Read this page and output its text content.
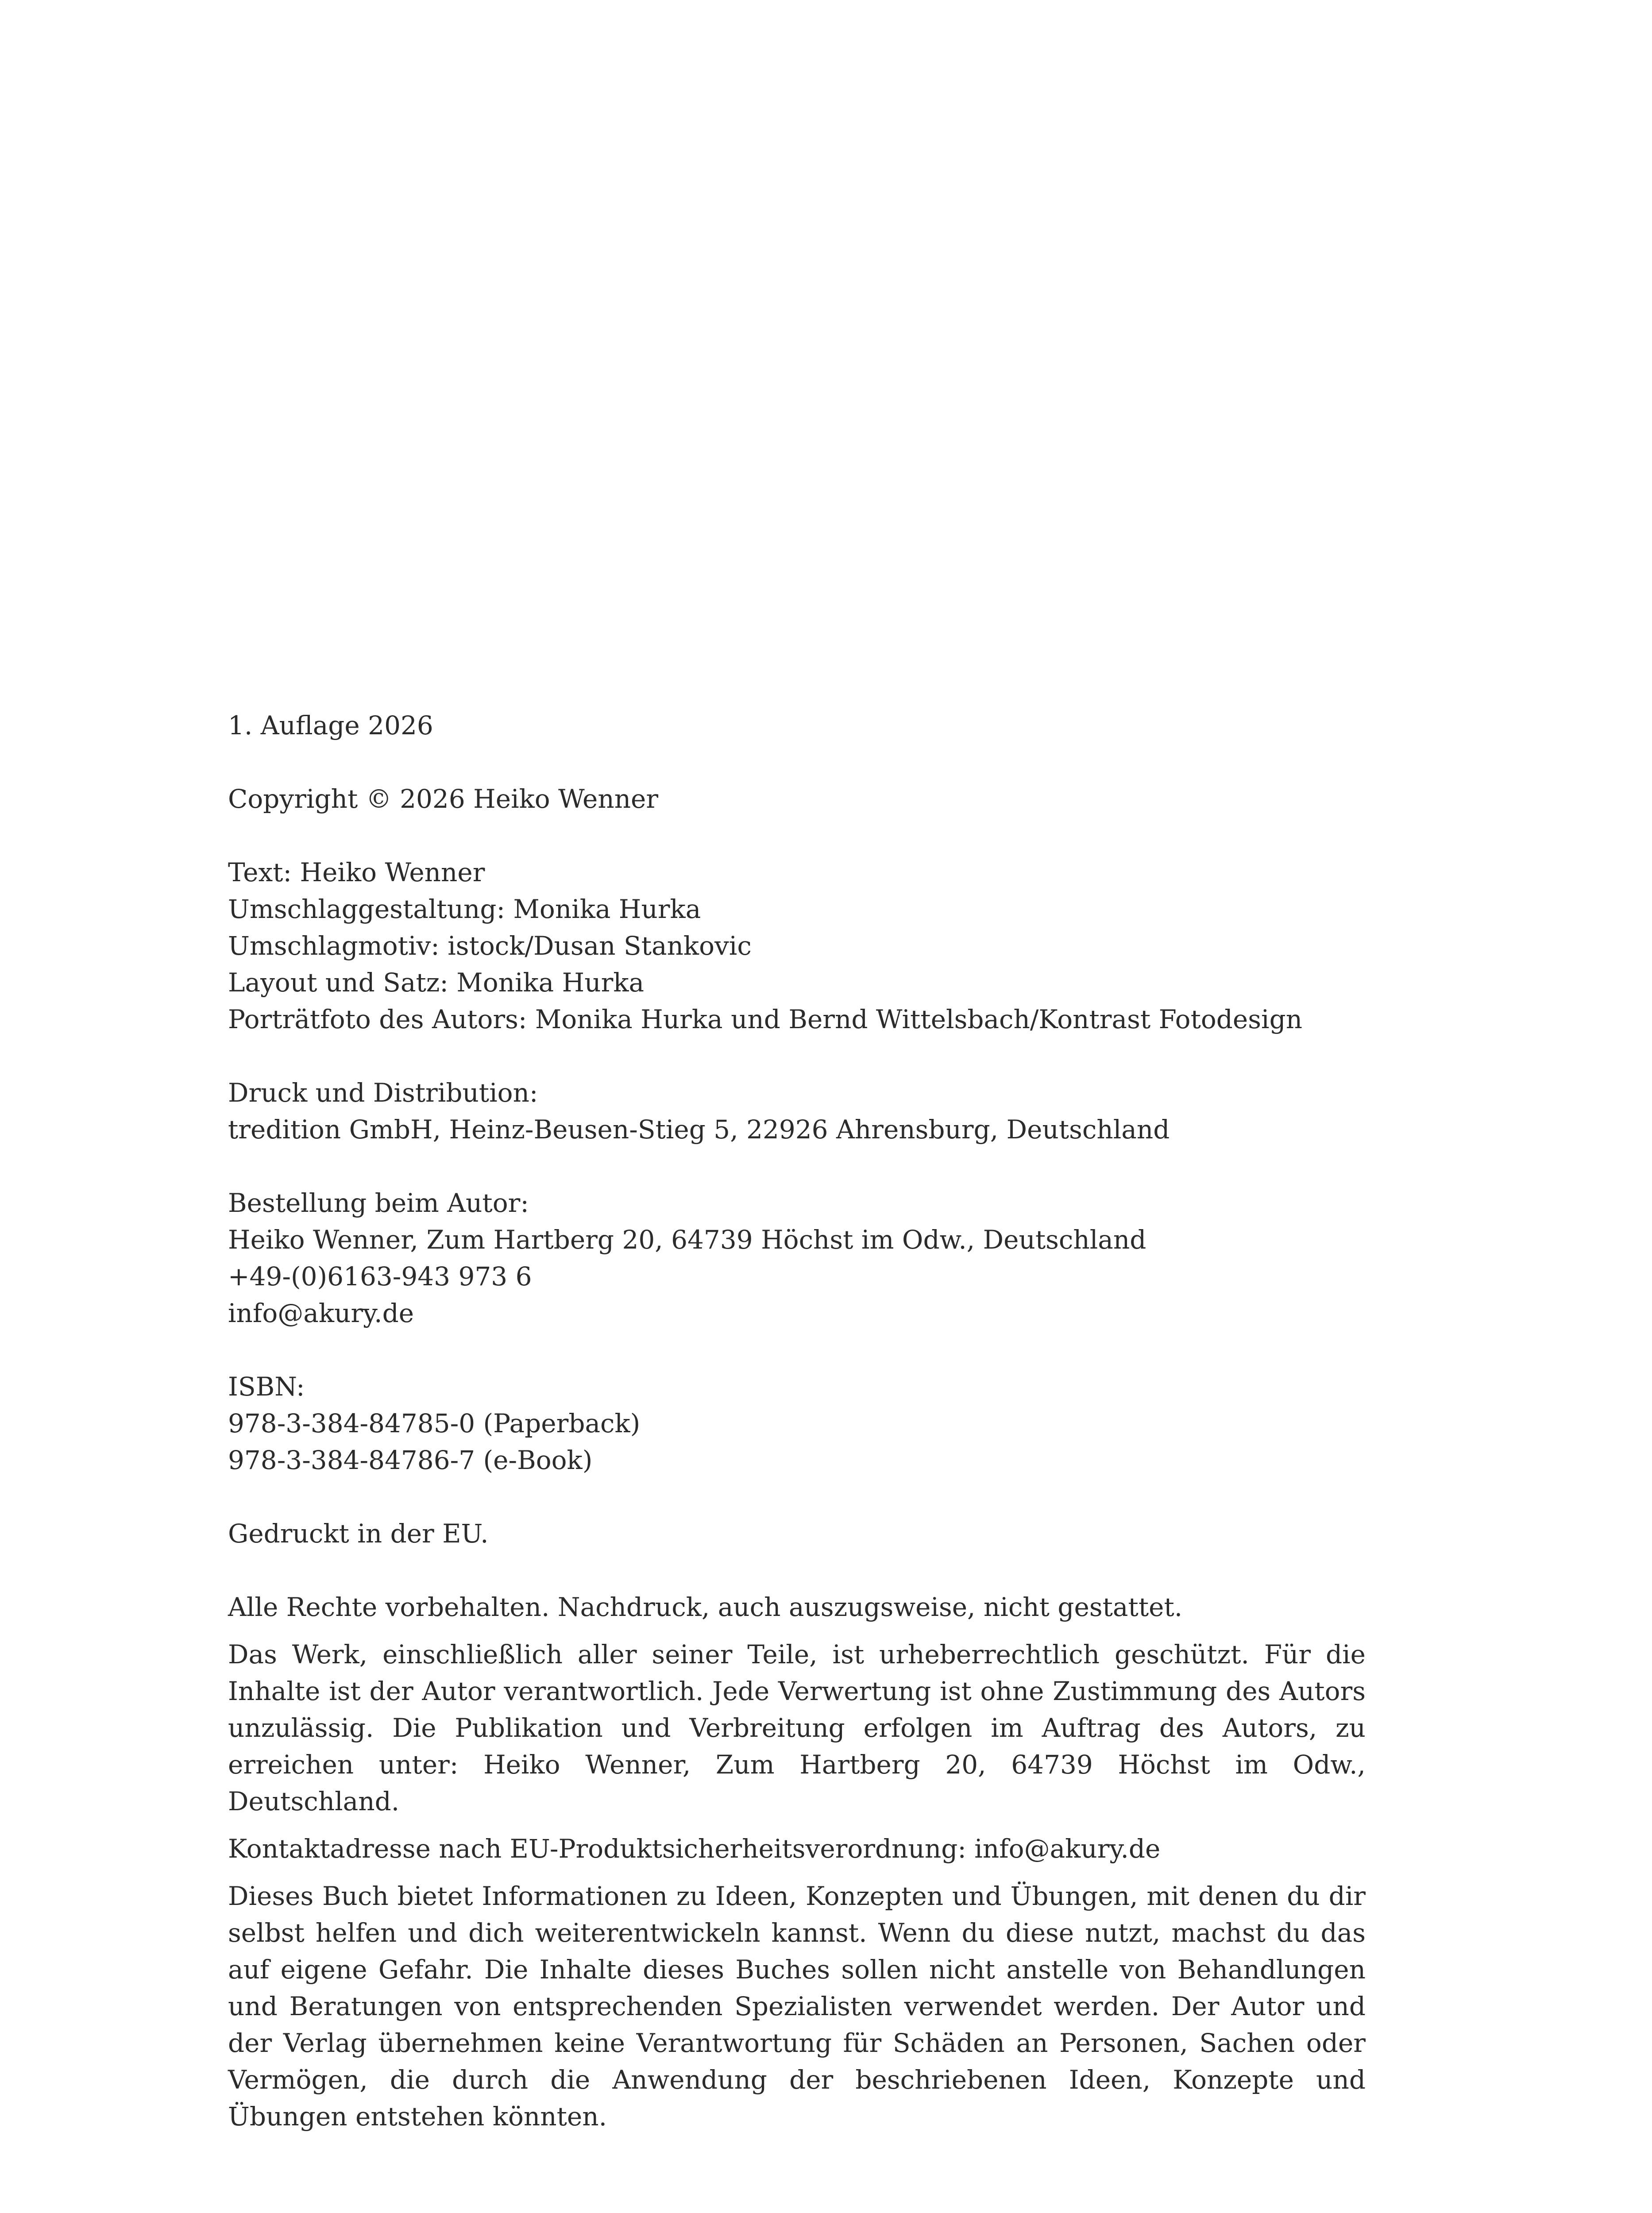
1. Auflage 2026
Copyright © 2026 Heiko Wenner
Text: Heiko Wenner
Umschlaggestaltung: Monika Hurka
Umschlagmotiv: istock/Dusan Stankovic
Layout und Satz: Monika Hurka
Porträtfoto des Autors: Monika Hurka und Bernd Wittelsbach/Kontrast Fotodesign
Druck und Distribution:
tredition GmbH, Heinz-Beusen-Stieg 5, 22926 Ahrensburg, Deutschland
Bestellung beim Autor:
Heiko Wenner, Zum Hartberg 20, 64739 Höchst im Odw., Deutschland
+49-(0)6163-943 973 6
info@akury.de
ISBN:
978-3-384-84785-0 (Paperback)
978-3-384-84786-7 (e-Book)
Gedruckt in der EU.

Alle Rechte vorbehalten. Nachdruck, auch auszugsweise, nicht gestattet.

Das Werk, einschließlich aller seiner Teile, ist urheberrechtlich geschützt. Für die Inhalte ist der Autor verantwortlich. Jede Verwertung ist ohne Zustimmung des Autors unzulässig. Die Publikation und Verbreitung erfolgen im Auftrag des Autors, zu erreichen unter: Heiko Wenner, Zum Hartberg 20, 64739 Höchst im Odw., Deutschland.

Kontaktadresse nach EU-Produktsicherheitsverordnung: info@akury.de

Dieses Buch bietet Informationen zu Ideen, Konzepten und Übungen, mit denen du dir selbst helfen und dich weiterentwickeln kannst. Wenn du diese nutzt, machst du das auf eigene Gefahr. Die Inhalte dieses Buches sollen nicht anstelle von Behandlungen und Beratungen von entsprechenden Spezialisten verwendet werden. Der Autor und der Verlag übernehmen keine Verantwortung für Schäden an Personen, Sachen oder Vermögen, die durch die Anwendung der beschriebenen Ideen, Konzepte und Übungen entstehen könnten.
